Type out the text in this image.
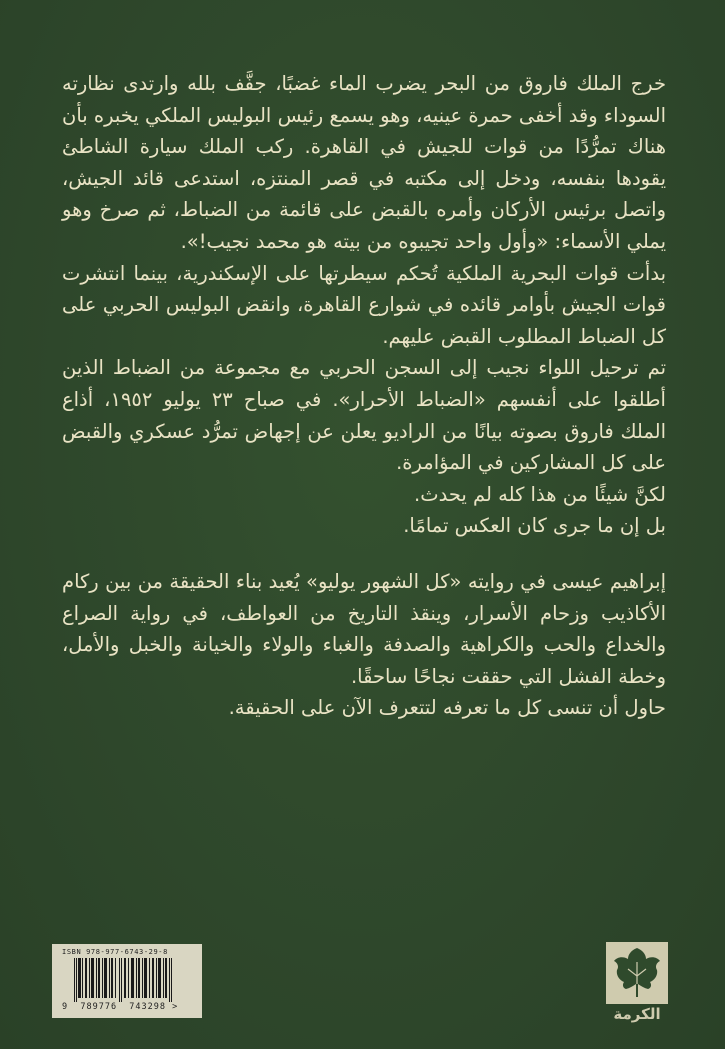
خرج الملك فاروق من البحر يضرب الماء غضبًا، جفَّف بلله وارتدى نظارته السوداء وقد أخفى حمرة عينيه، وهو يسمع رئيس البوليس الملكي يخبره بأن هناك تمرُّدًا من قوات للجيش في القاهرة. ركب الملك سيارة الشاطئ يقودها بنفسه، ودخل إلى مكتبه في قصر المنتزه، استدعى قائد الجيش، واتصل برئيس الأركان وأمره بالقبض على قائمة من الضباط، ثم صرخ وهو يملي الأسماء: «وأول واحد تجيبوه من بيته هو محمد نجيب!».

بدأت قوات البحرية الملكية تُحكم سيطرتها على الإسكندرية، بينما انتشرت قوات الجيش بأوامر قائده في شوارع القاهرة، وانقض البوليس الحربي على كل الضباط المطلوب القبض عليهم.

تم ترحيل اللواء نجيب إلى السجن الحربي مع مجموعة من الضباط الذين أطلقوا على أنفسهم «الضباط الأحرار». في صباح ٢٣ يوليو ١٩٥٢، أذاع الملك فاروق بصوته بيانًا من الراديو يعلن عن إجهاض تمرُّد عسكري والقبض على كل المشاركين في المؤامرة.

لكنَّ شيئًا من هذا كله لم يحدث.

بل إن ما جرى كان العكس تمامًا.

إبراهيم عيسى في روايته «كل الشهور يوليو» يُعيد بناء الحقيقة من بين ركام الأكاذيب وزحام الأسرار، وينقذ التاريخ من العواطف، في رواية الصراع والخداع والحب والكراهية والصدفة والغباء والولاء والخيانة والخبل والأمل، وخطة الفشل التي حققت نجاحًا ساحقًا.

حاول أن تنسى كل ما تعرفه لتتعرف الآن على الحقيقة.

ISBN 978-977-6743-29-8
9  789776  743298 >	الكرمة
